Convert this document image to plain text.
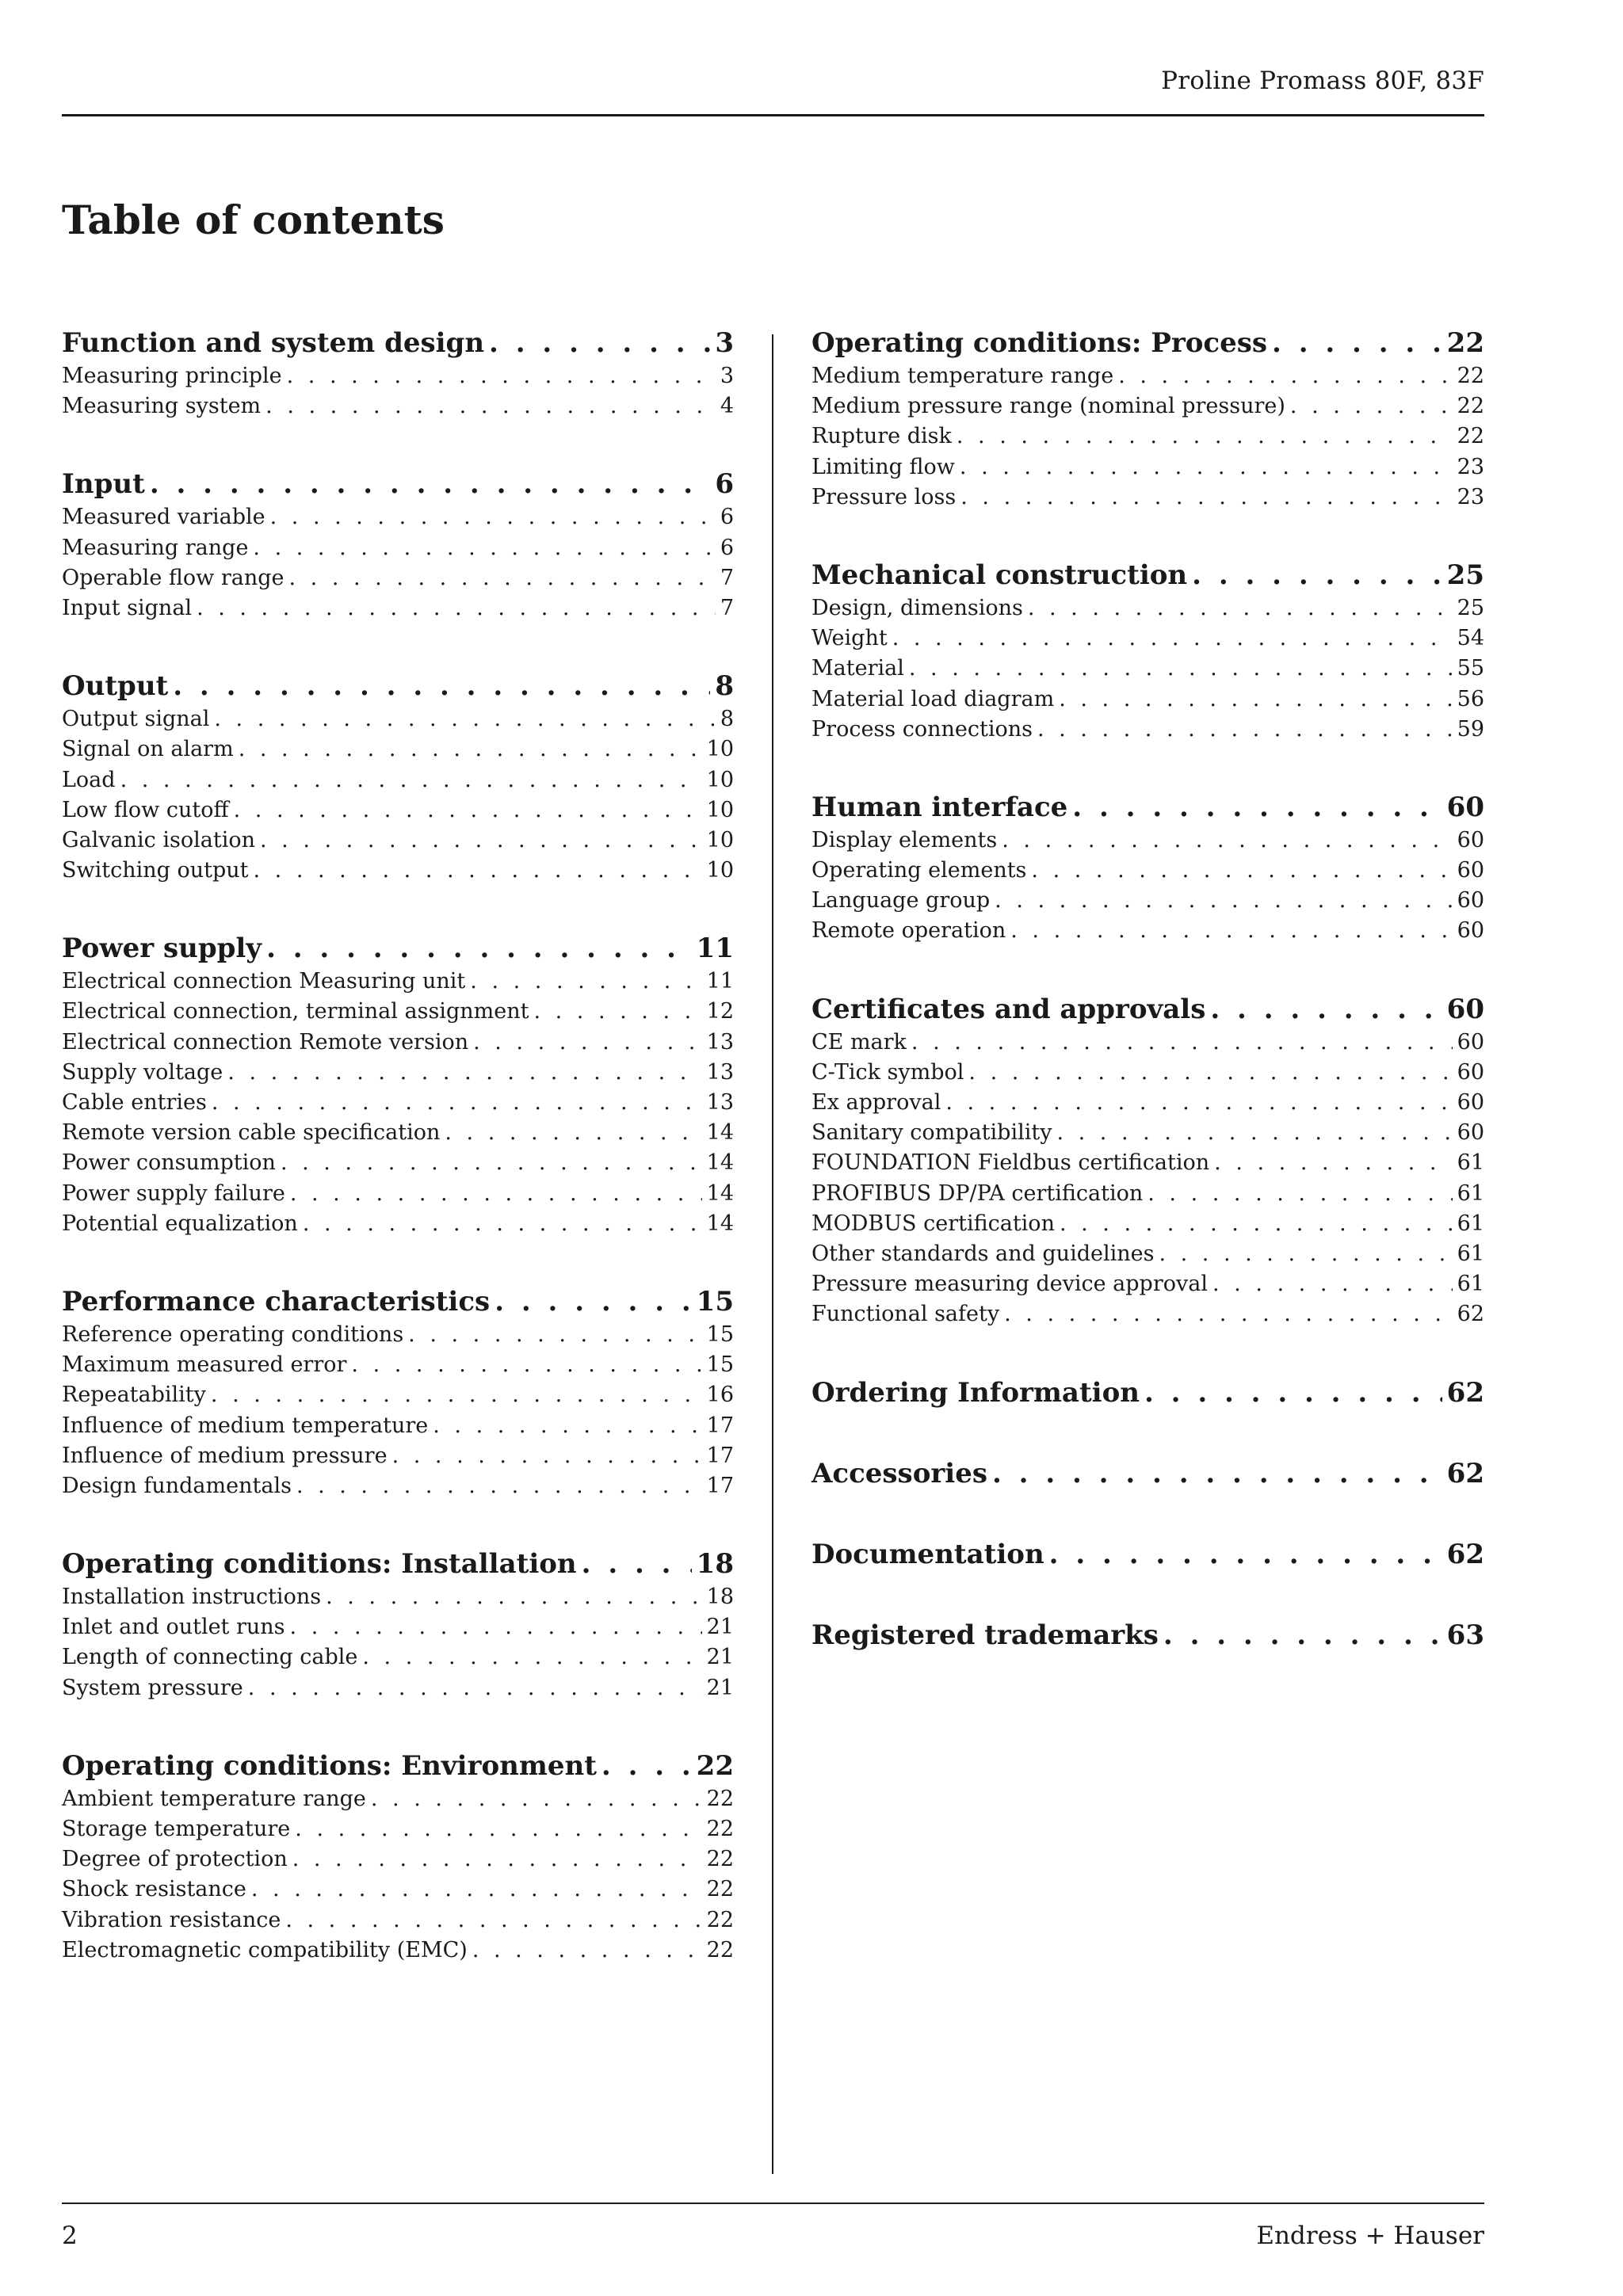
Proline Promass 80F, 83F
Table of contents
Function and system design . . .	3
Measuring principle . . .	3
Measuring system . . .	4
Input . . .	6
Measured variable . . .	6
Measuring range . . .	6
Operable flow range . . .	7
Input signal . . .	7
Output . . .	8
Output signal . . .	8
Signal on alarm . . .	10
Load . . .	10
Low flow cutoff . . .	10
Galvanic isolation . . .	10
Switching output . . .	10
Power supply . . .	11
Electrical connection Measuring unit . . .	11
Electrical connection, terminal assignment . . .	12
Electrical connection Remote version . . .	13
Supply voltage . . .	13
Cable entries . . .	13
Remote version cable specification . . .	14
Power consumption . . .	14
Power supply failure . . .	14
Potential equalization . . .	14
Performance characteristics . . .	15
Reference operating conditions . . .	15
Maximum measured error . . .	15
Repeatability . . .	16
Influence of medium temperature . . .	17
Influence of medium pressure . . .	17
Design fundamentals . . .	17
Operating conditions: Installation . . .	18
Installation instructions . . .	18
Inlet and outlet runs . . .	21
Length of connecting cable . . .	21
System pressure . . .	21
Operating conditions: Environment . . .	22
Ambient temperature range . . .	22
Storage temperature . . .	22
Degree of protection . . .	22
Shock resistance . . .	22
Vibration resistance . . .	22
Electromagnetic compatibility (EMC) . . .	22
Operating conditions: Process . . .	22
Medium temperature range . . .	22
Medium pressure range (nominal pressure) . . .	22
Rupture disk . . .	22
Limiting flow . . .	23
Pressure loss . . .	23
Mechanical construction . . .	25
Design, dimensions . . .	25
Weight . . .	54
Material . . .	55
Material load diagram . . .	56
Process connections . . .	59
Human interface . . .	60
Display elements . . .	60
Operating elements . . .	60
Language group . . .	60
Remote operation . . .	60
Certificates and approvals . . .	60
CE mark . . .	60
C-Tick symbol . . .	60
Ex approval . . .	60
Sanitary compatibility . . .	60
FOUNDATION Fieldbus certification . . .	61
PROFIBUS DP/PA certification . . .	61
MODBUS certification . . .	61
Other standards and guidelines . . .	61
Pressure measuring device approval . . .	61
Functional safety . . .	62
Ordering Information . . .	62
Accessories . . .	62
Documentation . . .	62
Registered trademarks . . .	63
2	Endress + Hauser
